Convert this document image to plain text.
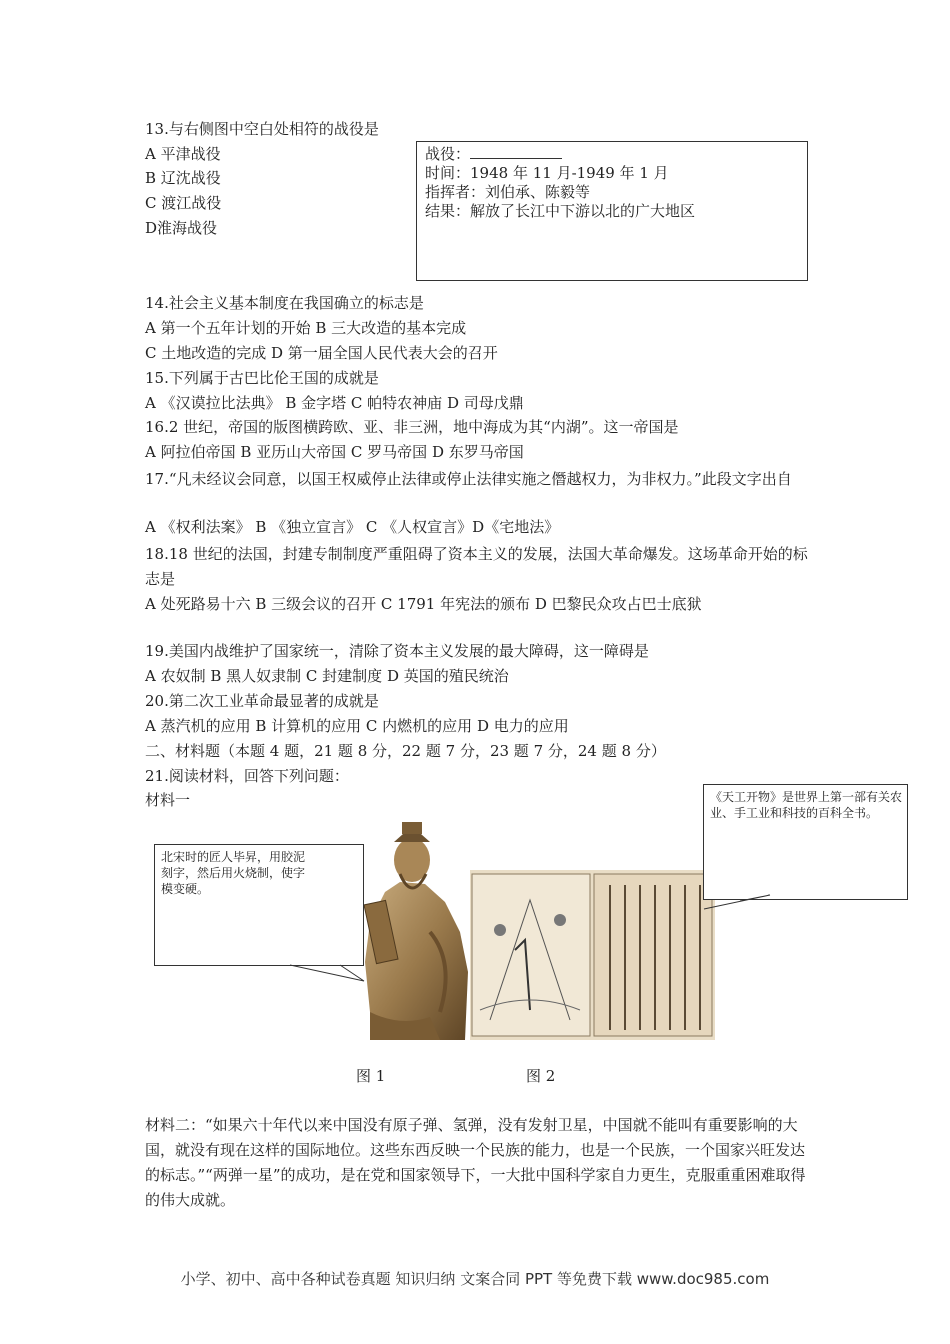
13.与右侧图中空白处相符的战役是
A 平津战役
B 辽沈战役
C 渡江战役
D淮海战役
战役：
时间：1948 年 11 月-1949 年 1 月
指挥者：刘伯承、陈毅等
结果：解放了长江中下游以北的广大地区
14.社会主义基本制度在我国确立的标志是
A 第一个五年计划的开始 B 三大改造的基本完成
C 土地改造的完成 D 第一届全国人民代表大会的召开
15.下列属于古巴比伦王国的成就是
A 《汉谟拉比法典》 B 金字塔 C 帕特农神庙 D 司母戊鼎
16.2 世纪，帝国的版图横跨欧、亚、非三洲，地中海成为其“内湖”。这一帝国是
A 阿拉伯帝国 B 亚历山大帝国 C 罗马帝国 D 东罗马帝国
17.“凡未经议会同意，以国王权威停止法律或停止法律实施之僭越权力，为非权力。”此段文字出自
A 《权利法案》 B 《独立宣言》 C 《人权宣言》D《宅地法》
18.18 世纪的法国，封建专制制度严重阻碍了资本主义的发展，法国大革命爆发。这场革命开始的标志是
A 处死路易十六 B 三级会议的召开 C 1791 年宪法的颁布 D 巴黎民众攻占巴士底狱
19.美国内战维护了国家统一，清除了资本主义发展的最大障碍，这一障碍是
A 农奴制 B 黑人奴隶制 C 封建制度 D 英国的殖民统治
20.第二次工业革命最显著的成就是
A 蒸汽机的应用 B 计算机的应用 C 内燃机的应用 D 电力的应用
二、材料题（本题 4 题，21 题 8 分，22 题 7 分，23 题 7 分，24 题 8 分）
21.阅读材料，回答下列问题：
材料一
北宋时的匠人毕昇，用胶泥刻字，然后用火烧制，使字模变硬。
《天工开物》是世界上第一部有关农业、手工业和科技的百科全书。
图 1	图 2
材料二：“如果六十年代以来中国没有原子弹、氢弹，没有发射卫星，中国就不能叫有重要影响的大国，就没有现在这样的国际地位。这些东西反映一个民族的能力，也是一个民族，一个国家兴旺发达的标志。”“两弹一星”的成功，是在党和国家领导下，一大批中国科学家自力更生，克服重重困难取得的伟大成就。
小学、初中、高中各种试卷真题 知识归纳 文案合同 PPT 等免费下载 www.doc985.com
